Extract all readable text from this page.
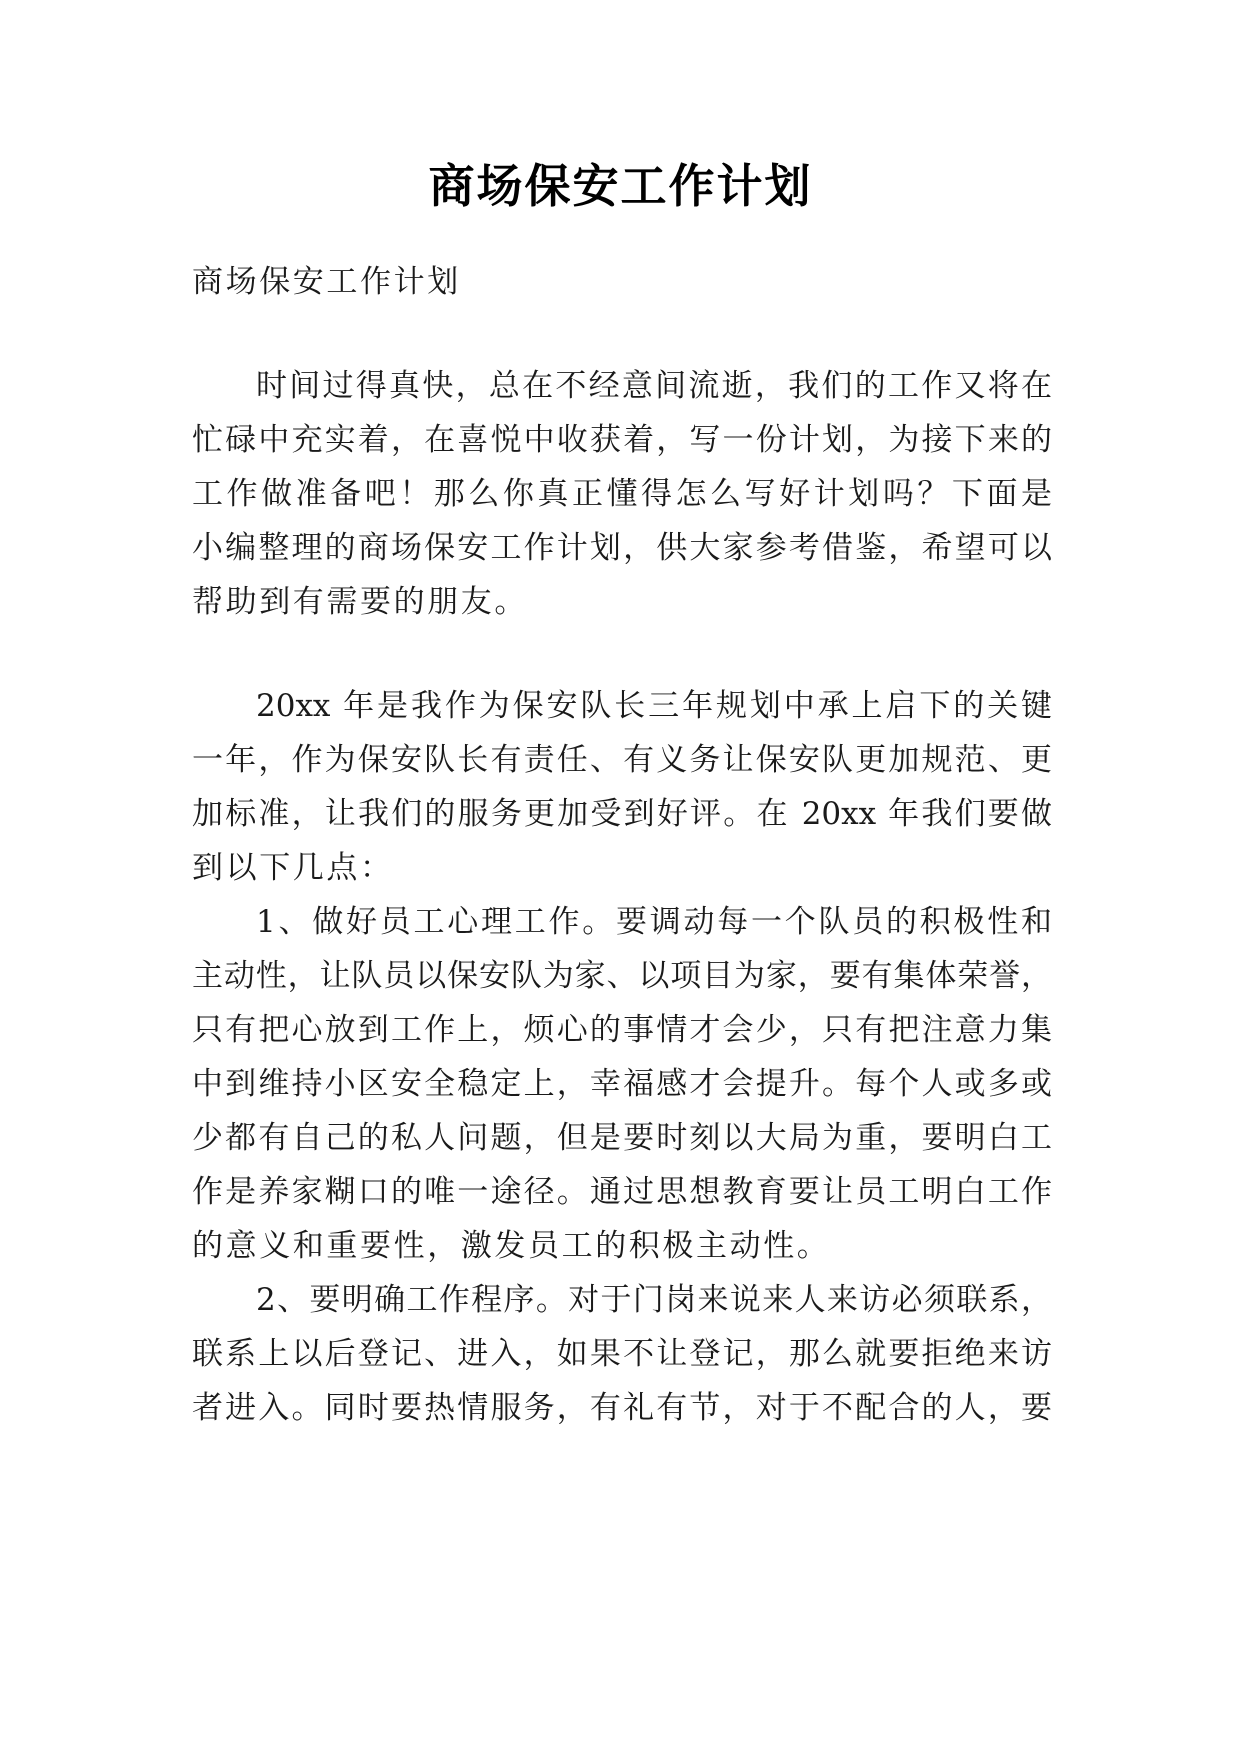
商场保安工作计划

商场保安工作计划

时间过得真快，总在不经意间流逝，我们的工作又将在

忙碌中充实着，在喜悦中收获着，写一份计划，为接下来的

工作做准备吧！那么你真正懂得怎么写好计划吗？下面是

小编整理的商场保安工作计划，供大家参考借鉴，希望可以

帮助到有需要的朋友。

20xx 年是我作为保安队长三年规划中承上启下的关键

一年，作为保安队长有责任、有义务让保安队更加规范、更

加标准，让我们的服务更加受到好评。在 20xx 年我们要做

到以下几点：

1、做好员工心理工作。要调动每一个队员的积极性和

主动性，让队员以保安队为家、以项目为家，要有集体荣誉，

只有把心放到工作上，烦心的事情才会少，只有把注意力集

中到维持小区安全稳定上，幸福感才会提升。每个人或多或

少都有自己的私人问题，但是要时刻以大局为重，要明白工

作是养家糊口的唯一途径。通过思想教育要让员工明白工作

的意义和重要性，激发员工的积极主动性。

2、要明确工作程序。对于门岗来说来人来访必须联系，

联系上以后登记、进入，如果不让登记，那么就要拒绝来访

者进入。同时要热情服务，有礼有节，对于不配合的人，要
